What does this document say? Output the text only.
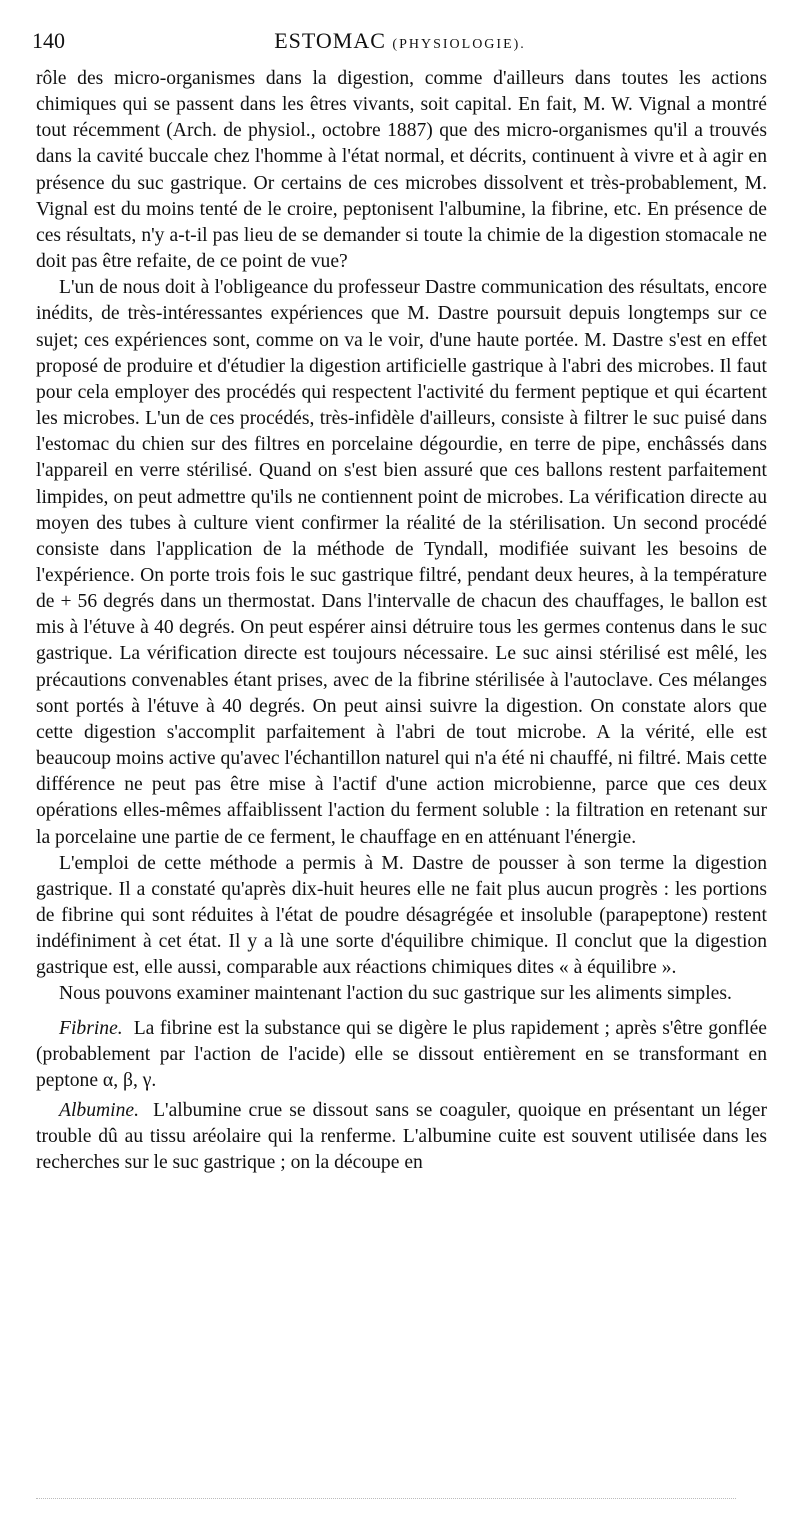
140	ESTOMAC (PHYSIOLOGIE).

rôle des micro-organismes dans la digestion, comme d'ailleurs dans toutes les actions chimiques qui se passent dans les êtres vivants, soit capital. En fait, M. W. Vignal a montré tout récemment (Arch. de physiol., octobre 1887) que des micro-organismes qu'il a trouvés dans la cavité buccale chez l'homme à l'état normal, et décrits, continuent à vivre et à agir en présence du suc gastrique. Or certains de ces microbes dissolvent et très-probablement, M. Vignal est du moins tenté de le croire, peptonisent l'albumine, la fibrine, etc. En présence de ces résultats, n'y a-t-il pas lieu de se demander si toute la chimie de la digestion stomacale ne doit pas être refaite, de ce point de vue?

L'un de nous doit à l'obligeance du professeur Dastre communication des résultats, encore inédits, de très-intéressantes expériences que M. Dastre poursuit depuis longtemps sur ce sujet; ces expériences sont, comme on va le voir, d'une haute portée. M. Dastre s'est en effet proposé de produire et d'étudier la digestion artificielle gastrique à l'abri des microbes. Il faut pour cela employer des procédés qui respectent l'activité du ferment peptique et qui écartent les microbes. L'un de ces procédés, très-infidèle d'ailleurs, consiste à filtrer le suc puisé dans l'estomac du chien sur des filtres en porcelaine dégourdie, en terre de pipe, enchâssés dans l'appareil en verre stérilisé. Quand on s'est bien assuré que ces ballons restent parfaitement limpides, on peut admettre qu'ils ne contiennent point de microbes. La vérification directe au moyen des tubes à culture vient confirmer la réalité de la stérilisation. Un second procédé consiste dans l'application de la méthode de Tyndall, modifiée suivant les besoins de l'expérience. On porte trois fois le suc gastrique filtré, pendant deux heures, à la température de + 56 degrés dans un thermostat. Dans l'intervalle de chacun des chauffages, le ballon est mis à l'étuve à 40 degrés. On peut espérer ainsi détruire tous les germes contenus dans le suc gastrique. La vérification directe est toujours nécessaire. Le suc ainsi stérilisé est mêlé, les précautions convenables étant prises, avec de la fibrine stérilisée à l'autoclave. Ces mélanges sont portés à l'étuve à 40 degrés. On peut ainsi suivre la digestion. On constate alors que cette digestion s'accomplit parfaitement à l'abri de tout microbe. A la vérité, elle est beaucoup moins active qu'avec l'échantillon naturel qui n'a été ni chauffé, ni filtré. Mais cette différence ne peut pas être mise à l'actif d'une action microbienne, parce que ces deux opérations elles-mêmes affaiblissent l'action du ferment soluble : la filtration en retenant sur la porcelaine une partie de ce ferment, le chauffage en en atténuant l'énergie.

L'emploi de cette méthode a permis à M. Dastre de pousser à son terme la digestion gastrique. Il a constaté qu'après dix-huit heures elle ne fait plus aucun progrès : les portions de fibrine qui sont réduites à l'état de poudre désagrégée et insoluble (parapeptone) restent indéfiniment à cet état. Il y a là une sorte d'équilibre chimique. Il conclut que la digestion gastrique est, elle aussi, comparable aux réactions chimiques dites « à équilibre ».

Nous pouvons examiner maintenant l'action du suc gastrique sur les aliments simples.

Fibrine. La fibrine est la substance qui se digère le plus rapidement ; après s'être gonflée (probablement par l'action de l'acide) elle se dissout entièrement en se transformant en peptone α, β, γ.

Albumine. L'albumine crue se dissout sans se coaguler, quoique en présentant un léger trouble dû au tissu aréolaire qui la renferme. L'albumine cuite est souvent utilisée dans les recherches sur le suc gastrique ; on la découpe en
